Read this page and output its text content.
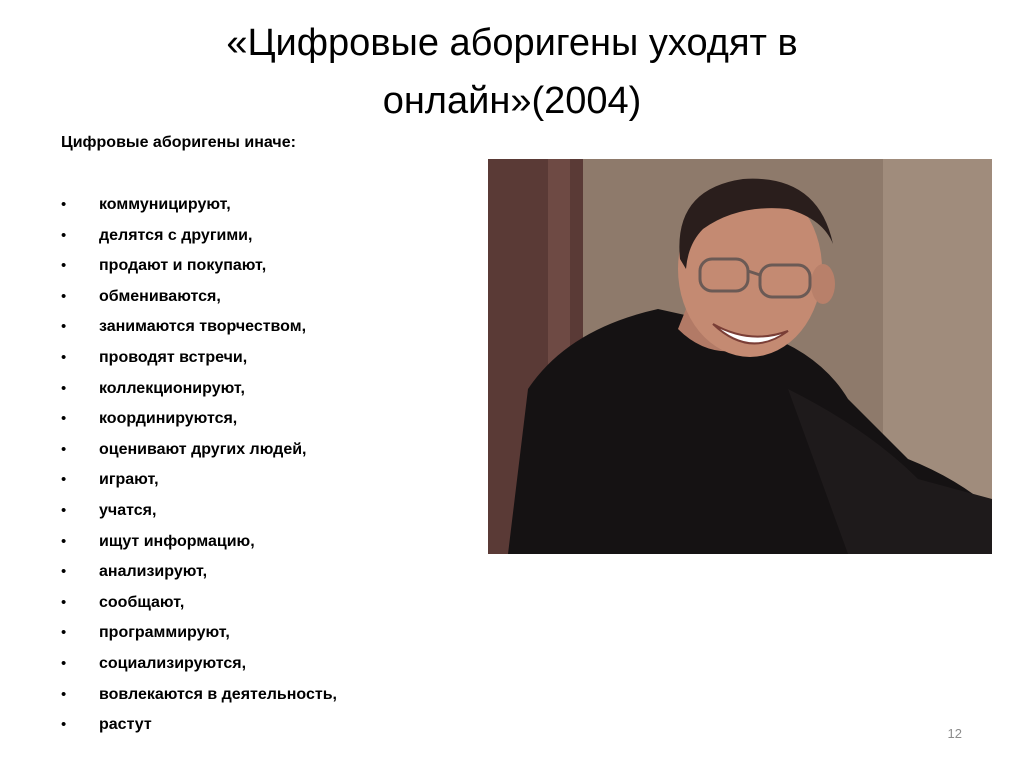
«Цифровые аборигены уходят в
онлайн»(2004)

Цифровые аборигены иначе:

• коммуницируют,
• делятся с другими,
• продают и покупают,
• обмениваются,
• занимаются творчеством,
• проводят встречи,
• коллекционируют,
• координируются,
• оценивают других людей,
• играют,
• учатся,
• ищут информацию,
• анализируют,
• сообщают,
• программируют,
• социализируются,
• вовлекаются в деятельность,
• растут
12
